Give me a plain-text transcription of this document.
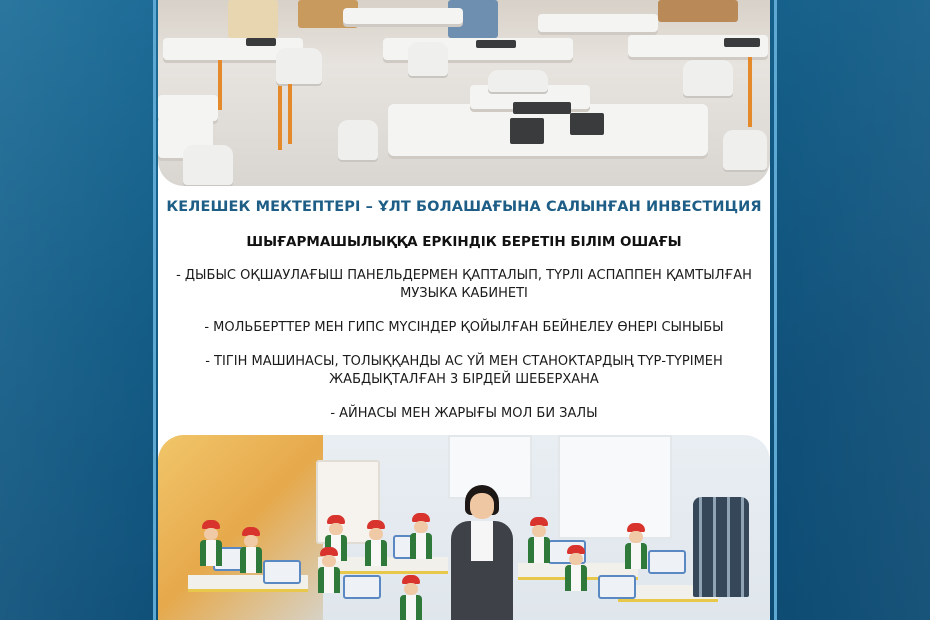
КЕЛЕШЕК МЕКТЕПТЕРІ – ҰЛТ БОЛАШАҒЫНА САЛЫНҒАН ИНВЕСТИЦИЯ

ШЫҒАРМАШЫЛЫҚҚА ЕРКІНДІК БЕРЕТІН БІЛІМ ОШАҒЫ

- ДЫБЫС ОҚШАУЛАҒЫШ ПАНЕЛЬДЕРМЕН ҚАПТАЛЫП, ТҮРЛІ АСПАППЕН ҚАМТЫЛҒАН
МУЗЫКА КАБИНЕТІ
- МОЛЬБЕРТТЕР МЕН ГИПС МҮСІНДЕР ҚОЙЫЛҒАН БЕЙНЕЛЕУ ӨНЕРІ СЫНЫБЫ
- ТІГІН МАШИНАСЫ, ТОЛЫҚҚАНДЫ АС ҮЙ МЕН СТАНОКТАРДЫҢ ТҮР-ТҮРІМЕН
ЖАБДЫҚТАЛҒАН 3 БІРДЕЙ ШЕБЕРХАНА
- АЙНАСЫ МЕН ЖАРЫҒЫ МОЛ БИ ЗАЛЫ
